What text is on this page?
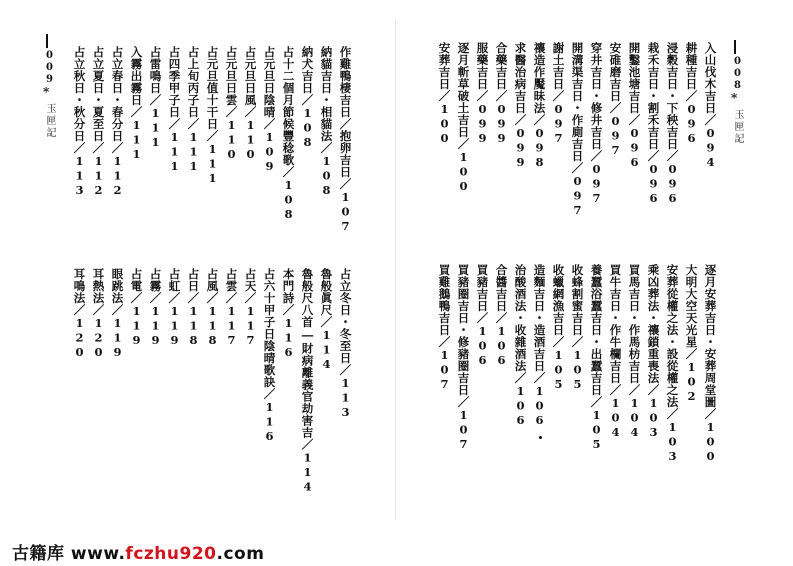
009
*
玉匣記	作雞鴨棲吉日／抱卵吉日／107
納貓吉日・相貓法／108
納犬吉日／108
占十二個月節候豐稔歌／108
占元旦日陰晴／109
占元旦日風／110
占元旦日雲／110
占元旦值十干日／111
占上旬丙子日／111
占四季甲子日／111
占雷鳴日／111
入霧出霧日／111
占立春日・春分日／112
占立夏日・夏至日／112
占立秋日・秋分日／113
占立冬日・冬至日／113
魯般眞尺／114
魯般尺八首―財病離義官劫害吉／114
本門詩／116
占六十甲子日陰晴歌訣／116
占天／117
占雲／117
占風／118
占日／118
占虹／119
占霧／119
占電／119
眼跳法／119
耳熱法／120
耳鳴法／120
008
*
玉匣記
入山伐木吉日／094
耕種吉日／096
浸穀吉日・下秧吉日／096
栽禾吉日・割禾吉日／096
開鑿池塘吉日／096
安碓磨吉日／097
穿井吉日・修井吉日／097
開溝渠吉日・作廁吉日／097
謝土吉日／097
禳造作魘昧法／098
求醫治病吉日／099
合藥吉日／099
服藥吉日／099
逐月斬草破土吉日／100
安葬吉日／100
逐月安葬吉日・安葬周堂圖／100
大明大空天光星／102
安葬從權之法・設從權之法／103
乘凶葬法・禳鎖重喪法／103
買馬吉日・作馬枋吉日／104
買牛吉日・作牛欄吉日／104
養蠶浴蠶吉日・出蠶吉日／105
收蜂割蜜吉日／105
收蠟網漁吉日／105
造麵吉日・造酒吉日／106
治酸酒法・收雜酒法／106
合醬吉日／106
買豬吉日／106
買豬圈吉日・修豬圈吉日／107
買雞鵝鴨吉日／107
古籍库 www.fczhu920.com
